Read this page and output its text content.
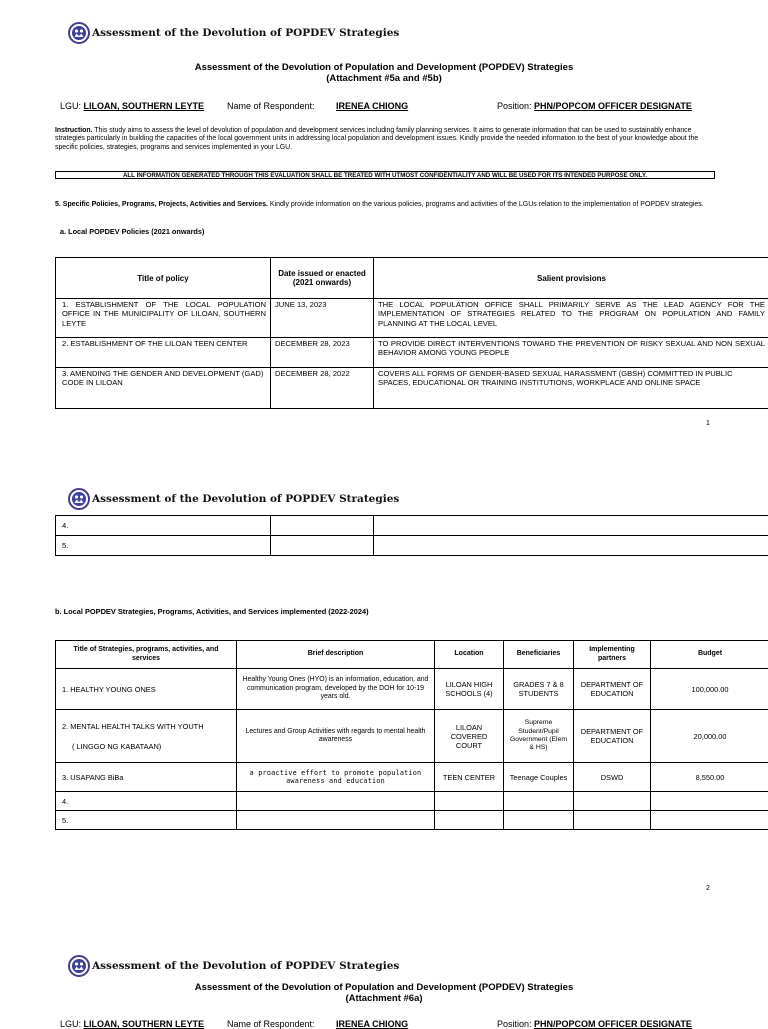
Assessment of the Devolution of POPDEV Strategies
Assessment of the Devolution of Population and Development (POPDEV) Strategies
(Attachment #5a and #5b)
LGU: LILOAN, SOUTHERN LEYTE	Name of Respondent: IRENEA CHIONG	Position: PHN/POPCOM OFFICER DESIGNATE
Instruction. This study aims to assess the level of devolution of population and development services including family planning services. It aims to generate information that can be used to sustainably enhance strategies particularly in building the capacities of the local government units in addressing local population and development issues. Kindly provide the needed information to the best of your knowledge about the specific policies, strategies, programs and services implemented in your LGU.
ALL INFORMATION GENERATED THROUGH THIS EVALUATION SHALL BE TREATED WITH UTMOST CONFIDENTIALITY AND WILL BE USED FOR ITS INTENDED PURPOSE ONLY.
5. Specific Policies, Programs, Projects, Activities and Services. Kindly provide information on the various policies, programs and activities of the LGUs relation to the implementation of POPDEV strategies.
a. Local POPDEV Policies (2021 onwards)
Title of policy	Date issued or enacted (2021 onwards)	Salient provisions
1. ESTABLISHMENT OF THE LOCAL POPULATION OFFICE IN THE MUNICIPALITY OF LILOAN, SOUTHERN LEYTE	JUNE 13, 2023	THE LOCAL POPULATION OFFICE SHALL PRIMARILY SERVE AS THE LEAD AGENCY FOR THE IMPLEMENTATION OF STRATEGIES RELATED TO THE PROGRAM ON POPULATION AND FAMILY PLANNING AT THE LOCAL LEVEL
2. ESTABLISHMENT OF THE LILOAN TEEN CENTER	DECEMBER 28, 2023	TO PROVIDE DIRECT INTERVENTIONS TOWARD THE PREVENTION OF RISKY SEXUAL AND NON SEXUAL BEHAVIOR AMONG YOUNG PEOPLE
3. AMENDING THE GENDER AND DEVELOPMENT (GAD) CODE IN LILOAN	DECEMBER 28, 2022	COVERS ALL FORMS OF GENDER-BASED SEXUAL HARASSMENT (GBSH) COMMITTED IN PUBLIC SPACES, EDUCATIONAL OR TRAINING INSTITUTIONS, WORKPLACE AND ONLINE SPACE
1
Assessment of the Devolution of POPDEV Strategies
4.		
5.		
b. Local POPDEV Strategies, Programs, Activities, and Services implemented (2022-2024)
Title of Strategies, programs, activities, and services	Brief description	Location	Beneficiaries	Implementing partners	Budget
1. HEALTHY YOUNG ONES	Healthy Young Ones (HYO) is an information, education, and communication program, developed by the DOH for 10-19 years old.	LILOAN HIGH SCHOOLS (4)	GRADES 7 & 8 STUDENTS	DEPARTMENT OF EDUCATION	100,000.00

2. MENTAL HEALTH TALKS WITH YOUTH
( LINGGO NG KABATAAN)	Lectures and Group Activities with regards to mental health awareness	LILOAN COVERED COURT	Supreme Student/Pupil Government (Elem & HS)	DEPARTMENT OF EDUCATION	20,000.00
3. USAPANG BiBa	a proactive effort to promote population awareness and education	TEEN CENTER	Teenage Couples	DSWD	8,550.00
4.					
5.					
2
Assessment of the Devolution of POPDEV Strategies
Assessment of the Devolution of Population and Development (POPDEV) Strategies
(Attachment #6a)
LGU: LILOAN, SOUTHERN LEYTE	Name of Respondent: IRENEA CHIONG	Position: PHN/POPCOM OFFICER DESIGNATE
